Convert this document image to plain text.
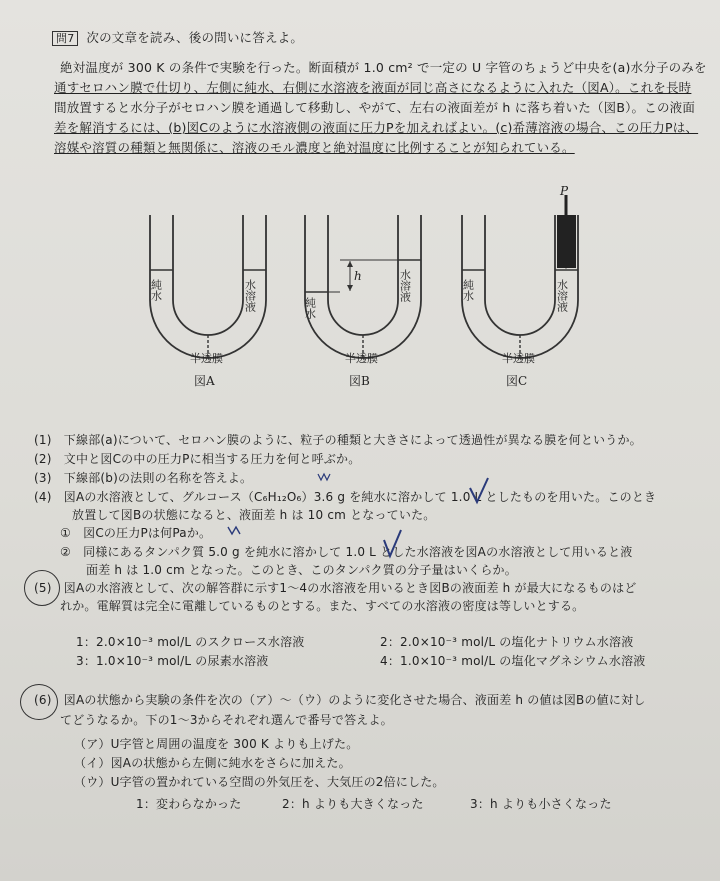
問7 次の文章を読み、後の問いに答えよ。
絶対温度が 300 K の条件で実験を行った。断面積が 1.0 cm² で一定の U 字管のちょうど中央を(a)水分子のみを
通すセロハン膜で仕切り、左側に純水、右側に水溶液を液面が同じ高さになるように入れた（図A）。これを長時
間放置すると水分子がセロハン膜を通過して移動し、やがて、左右の液面差が h に落ち着いた（図B）。この液面
差を解消するには、(b)図Cのように水溶液側の液面に圧力Pを加えればよい。(c)希薄溶液の場合、この圧力Pは、
溶媒や溶質の種類と無関係に、溶液のモル濃度と絶対温度に比例することが知られている。
純水	水溶液
半透膜
図A
h
純水
水溶液
半透膜
図B
P
純水	水溶液
半透膜
図C
(1)　下線部(a)について、セロハン膜のように、粒子の種類と大きさによって透過性が異なる膜を何というか。
(2)　文中と図Cの中の圧力Pに相当する圧力を何と呼ぶか。
(3)　下線部(b)の法則の名称を答えよ。
(4)　図Aの水溶液として、グルコース（C₆H₁₂O₆）3.6 g を純水に溶かして 1.0 L としたものを用いた。このとき
放置して図Bの状態になると、液面差 h は 10 cm となっていた。
①　図Cの圧力Pは何Paか。
②　同様にあるタンパク質 5.0 g を純水に溶かして 1.0 L とした水溶液を図Aの水溶液として用いると液
面差 h は 1.0 cm となった。このとき、このタンパク質の分子量はいくらか。
(5)　図Aの水溶液として、次の解答群に示す1～4の水溶液を用いるとき図Bの液面差 h が最大になるものはど
れか。電解質は完全に電離しているものとする。また、すべての水溶液の密度は等しいとする。
1：2.0×10⁻³ mol/L のスクロース水溶液	2：2.0×10⁻³ mol/L の塩化ナトリウム水溶液
3：1.0×10⁻³ mol/L の尿素水溶液	4：1.0×10⁻³ mol/L の塩化マグネシウム水溶液
(6)　図Aの状態から実験の条件を次の（ア）～（ウ）のように変化させた場合、液面差 h の値は図Bの値に対し
てどうなるか。下の1～3からそれぞれ選んで番号で答えよ。
（ア）U字管と周囲の温度を 300 K よりも上げた。
（イ）図Aの状態から左側に純水をさらに加えた。
（ウ）U字管の置かれている空間の外気圧を、大気圧の2倍にした。
1：変わらなかった	2：h よりも大きくなった	3：h よりも小さくなった
